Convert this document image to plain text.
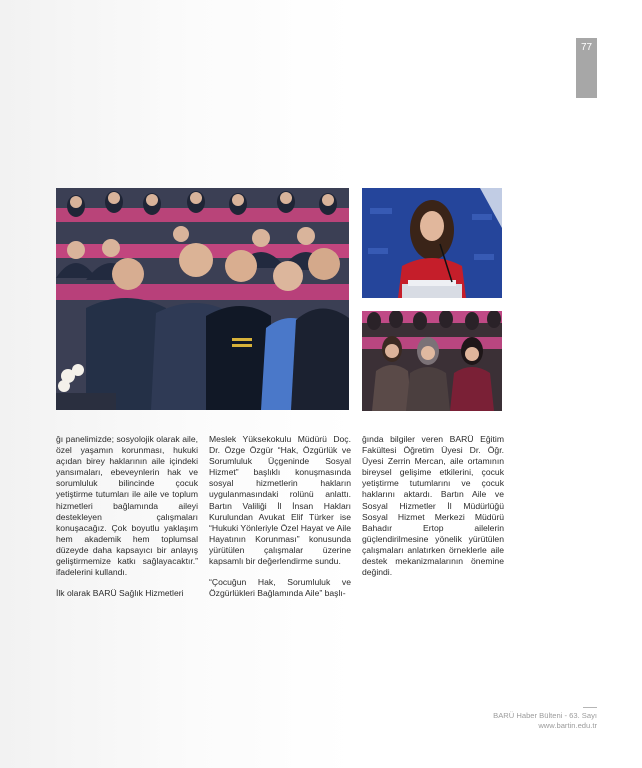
77

ğı panelimizde; sosyolojik olarak aile, özel yaşamın korunması, hukuki açıdan birey haklarının aile içindeki yansımaları, ebeveynlerin hak ve sorumluluk bilincinde çocuk yetiştirme tutumları ile aile ve toplum hizmetleri bağlamında aileyi destekleyen çalışmaları konuşacağız. Çok boyutlu yaklaşım hem akademik hem toplumsal düzeyde daha kapsayıcı bir anlayış geliştirmemize katkı sağlayacaktır.” ifadelerini kullandı.

İlk olarak BARÜ Sağlık Hizmetleri

Meslek Yüksekokulu Müdürü Doç. Dr. Özge Özgür “Hak, Özgürlük ve Sorumluluk Üçgeninde Sosyal Hizmet” başlıklı konuşmasında sosyal hizmetlerin hakların uygulanmasındaki rolünü anlattı. Bartın Valiliği İl İnsan Hakları Kurulundan Avukat Elif Türker ise “Hukuki Yönleriyle Özel Hayat ve Aile Hayatının Korunması” konusunda yürütülen çalışmalar üzerine kapsamlı bir değerlendirme sundu.

“Çocuğun Hak, Sorumluluk ve Özgürlükleri Bağlamında Aile” başlı-

ğında bilgiler veren BARÜ Eğitim Fakültesi Öğretim Üyesi Dr. Öğr. Üyesi Zerrin Mercan, aile ortamının bireysel gelişime etkilerini, çocuk yetiştirme tutumlarını ve çocuk haklarını aktardı. Bartın Aile ve Sosyal Hizmetler İl Müdürlüğü Sosyal Hizmet Merkezi Müdürü Bahadır Ertop ailelerin güçlendirilmesine yönelik yürütülen çalışmaları anlatırken örneklerle aile destek mekanizmalarının önemine değindi.

BARÜ Haber Bülteni - 63. Sayı
www.bartin.edu.tr
